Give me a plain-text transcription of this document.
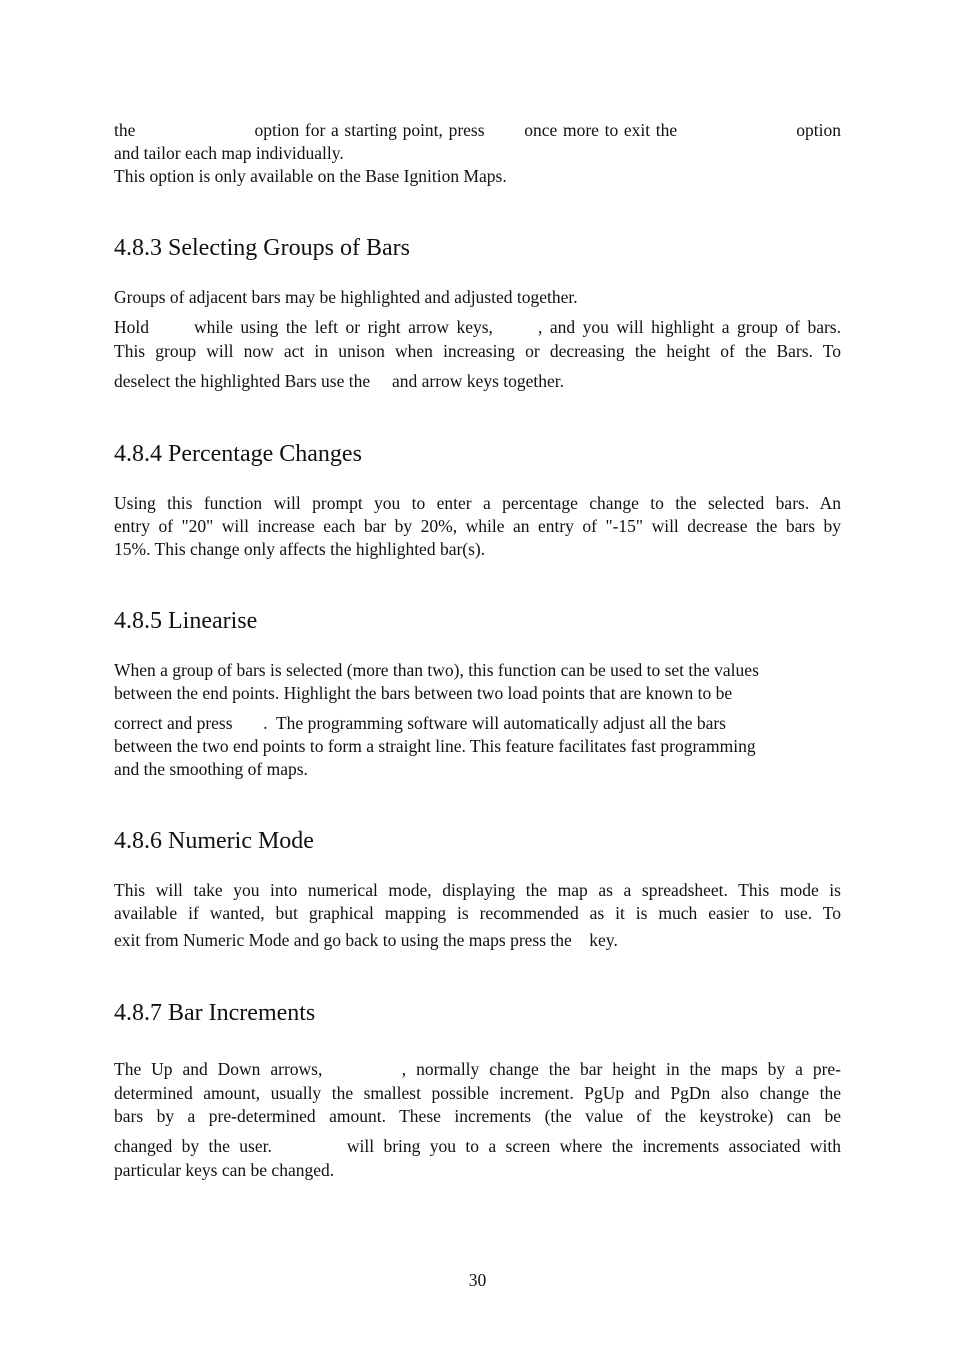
the                     option for a starting point, press       once more to exit the                     option
and tailor each map individually.
This option is only available on the Base Ignition Maps.
4.8.3 Selecting Groups of Bars
Groups of adjacent bars may be highlighted and adjusted together.
Hold      while using the left or right arrow keys,      , and you will highlight a group of bars.
This group will now act in unison when increasing or decreasing the height of the Bars. To
deselect the highlighted Bars use the     and arrow keys together.
4.8.4 Percentage Changes
Using this function will prompt you to enter a percentage change to the selected bars. An
entry of "20" will increase each bar by 20%, while an entry of "-15" will decrease the bars by
15%. This change only affects the highlighted bar(s).
4.8.5 Linearise
When a group of bars is selected (more than two), this function can be used to set the values
between the end points. Highlight the bars between two load points that are known to be
correct and press       .  The programming software will automatically adjust all the bars
between the two end points to form a straight line. This feature facilitates fast programming
and the smoothing of maps.
4.8.6 Numeric Mode
This will take you into numerical mode, displaying the map as a spreadsheet. This mode is
available if wanted, but graphical mapping is recommended as it is much easier to use. To
exit from Numeric Mode and go back to using the maps press the    key.
4.8.7 Bar Increments
The Up and Down arrows,        , normally change the bar height in the maps by a pre-
determined amount, usually the smallest possible increment. PgUp and PgDn also change the
bars by a pre-determined amount. These increments (the value of the keystroke) can be
changed by the user.        will bring you to a screen where the increments associated with
particular keys can be changed.
30
